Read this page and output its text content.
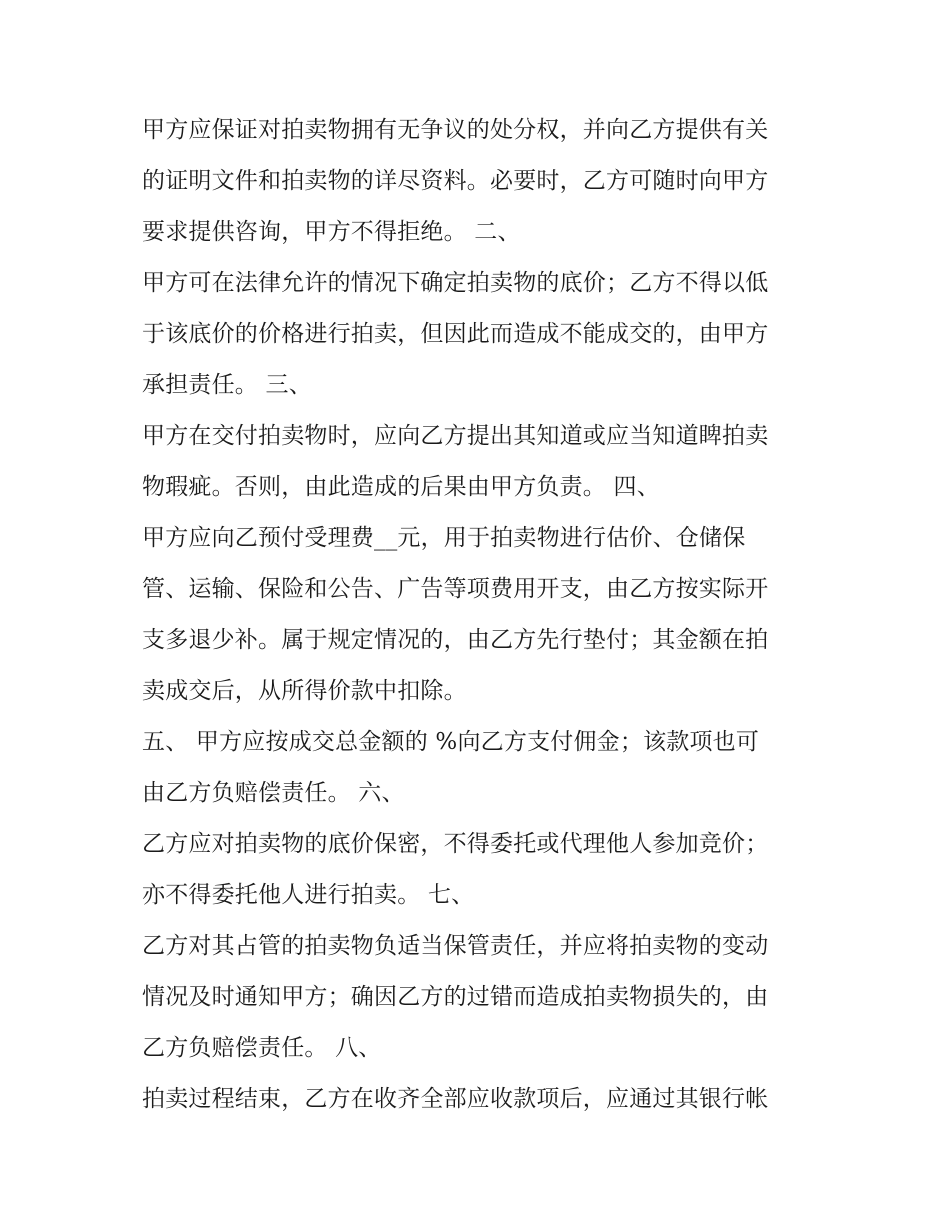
甲方应保证对拍卖物拥有无争议的处分权，并向乙方提供有关
的证明文件和拍卖物的详尽资料。必要时，乙方可随时向甲方
要求提供咨询，甲方不得拒绝。 二、
甲方可在法律允许的情况下确定拍卖物的底价；乙方不得以低
于该底价的价格进行拍卖，但因此而造成不能成交的，由甲方
承担责任。 三、
甲方在交付拍卖物时，应向乙方提出其知道或应当知道睥拍卖
物瑕疵。否则，由此造成的后果由甲方负责。 四、
甲方应向乙预付受理费__元，用于拍卖物进行估价、仓储保
管、运输、保险和公告、广告等项费用开支，由乙方按实际开
支多退少补。属于规定情况的，由乙方先行垫付；其金额在拍
卖成交后，从所得价款中扣除。
五、 甲方应按成交总金额的 %向乙方支付佣金；该款项也可
由乙方负赔偿责任。 六、
乙方应对拍卖物的底价保密，不得委托或代理他人参加竞价；
亦不得委托他人进行拍卖。 七、
乙方对其占管的拍卖物负适当保管责任，并应将拍卖物的变动
情况及时通知甲方；确因乙方的过错而造成拍卖物损失的，由
乙方负赔偿责任。 八、
拍卖过程结束，乙方在收齐全部应收款项后，应通过其银行帐
